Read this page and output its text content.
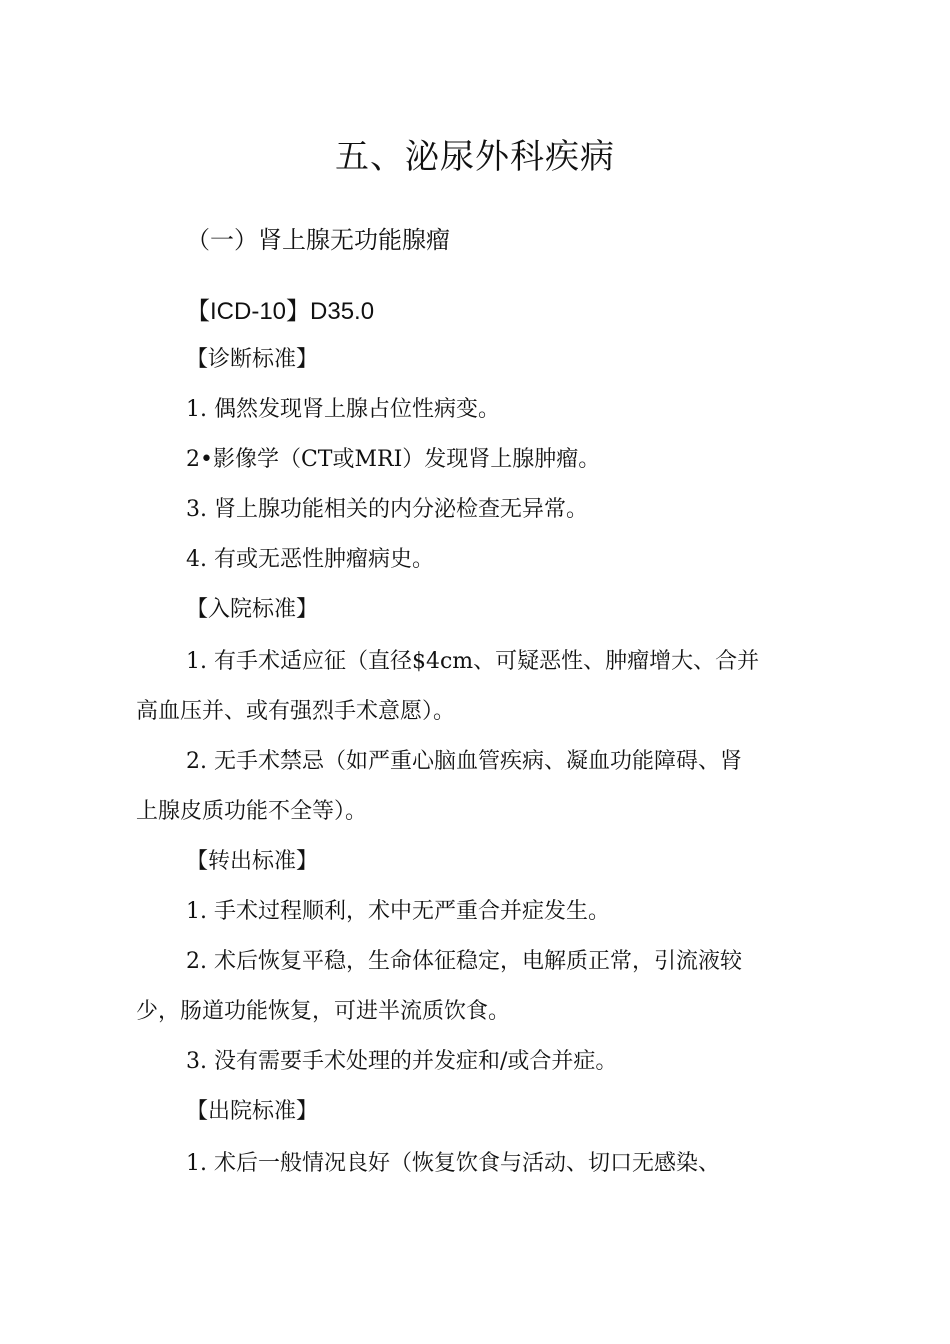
五、泌尿外科疾病
（一）肾上腺无功能腺瘤
【ICD-10】D35.0
【诊断标准】
1. 偶然发现肾上腺占位性病变。
2•影像学（CT或MRI）发现肾上腺肿瘤。
3. 肾上腺功能相关的内分泌检查无异常。
4. 有或无恶性肿瘤病史。
【入院标准】
1. 有手术适应征（直径$4cm、可疑恶性、肿瘤增大、合并
高血压并、或有强烈手术意愿）。
2. 无手术禁忌（如严重心脑血管疾病、凝血功能障碍、肾
上腺皮质功能不全等）。
【转出标准】
1. 手术过程顺利，术中无严重合并症发生。
2. 术后恢复平稳，生命体征稳定，电解质正常，引流液较
少，肠道功能恢复，可进半流质饮食。
3. 没有需要手术处理的并发症和/或合并症。
【出院标准】
1. 术后一般情况良好（恢复饮食与活动、切口无感染、
